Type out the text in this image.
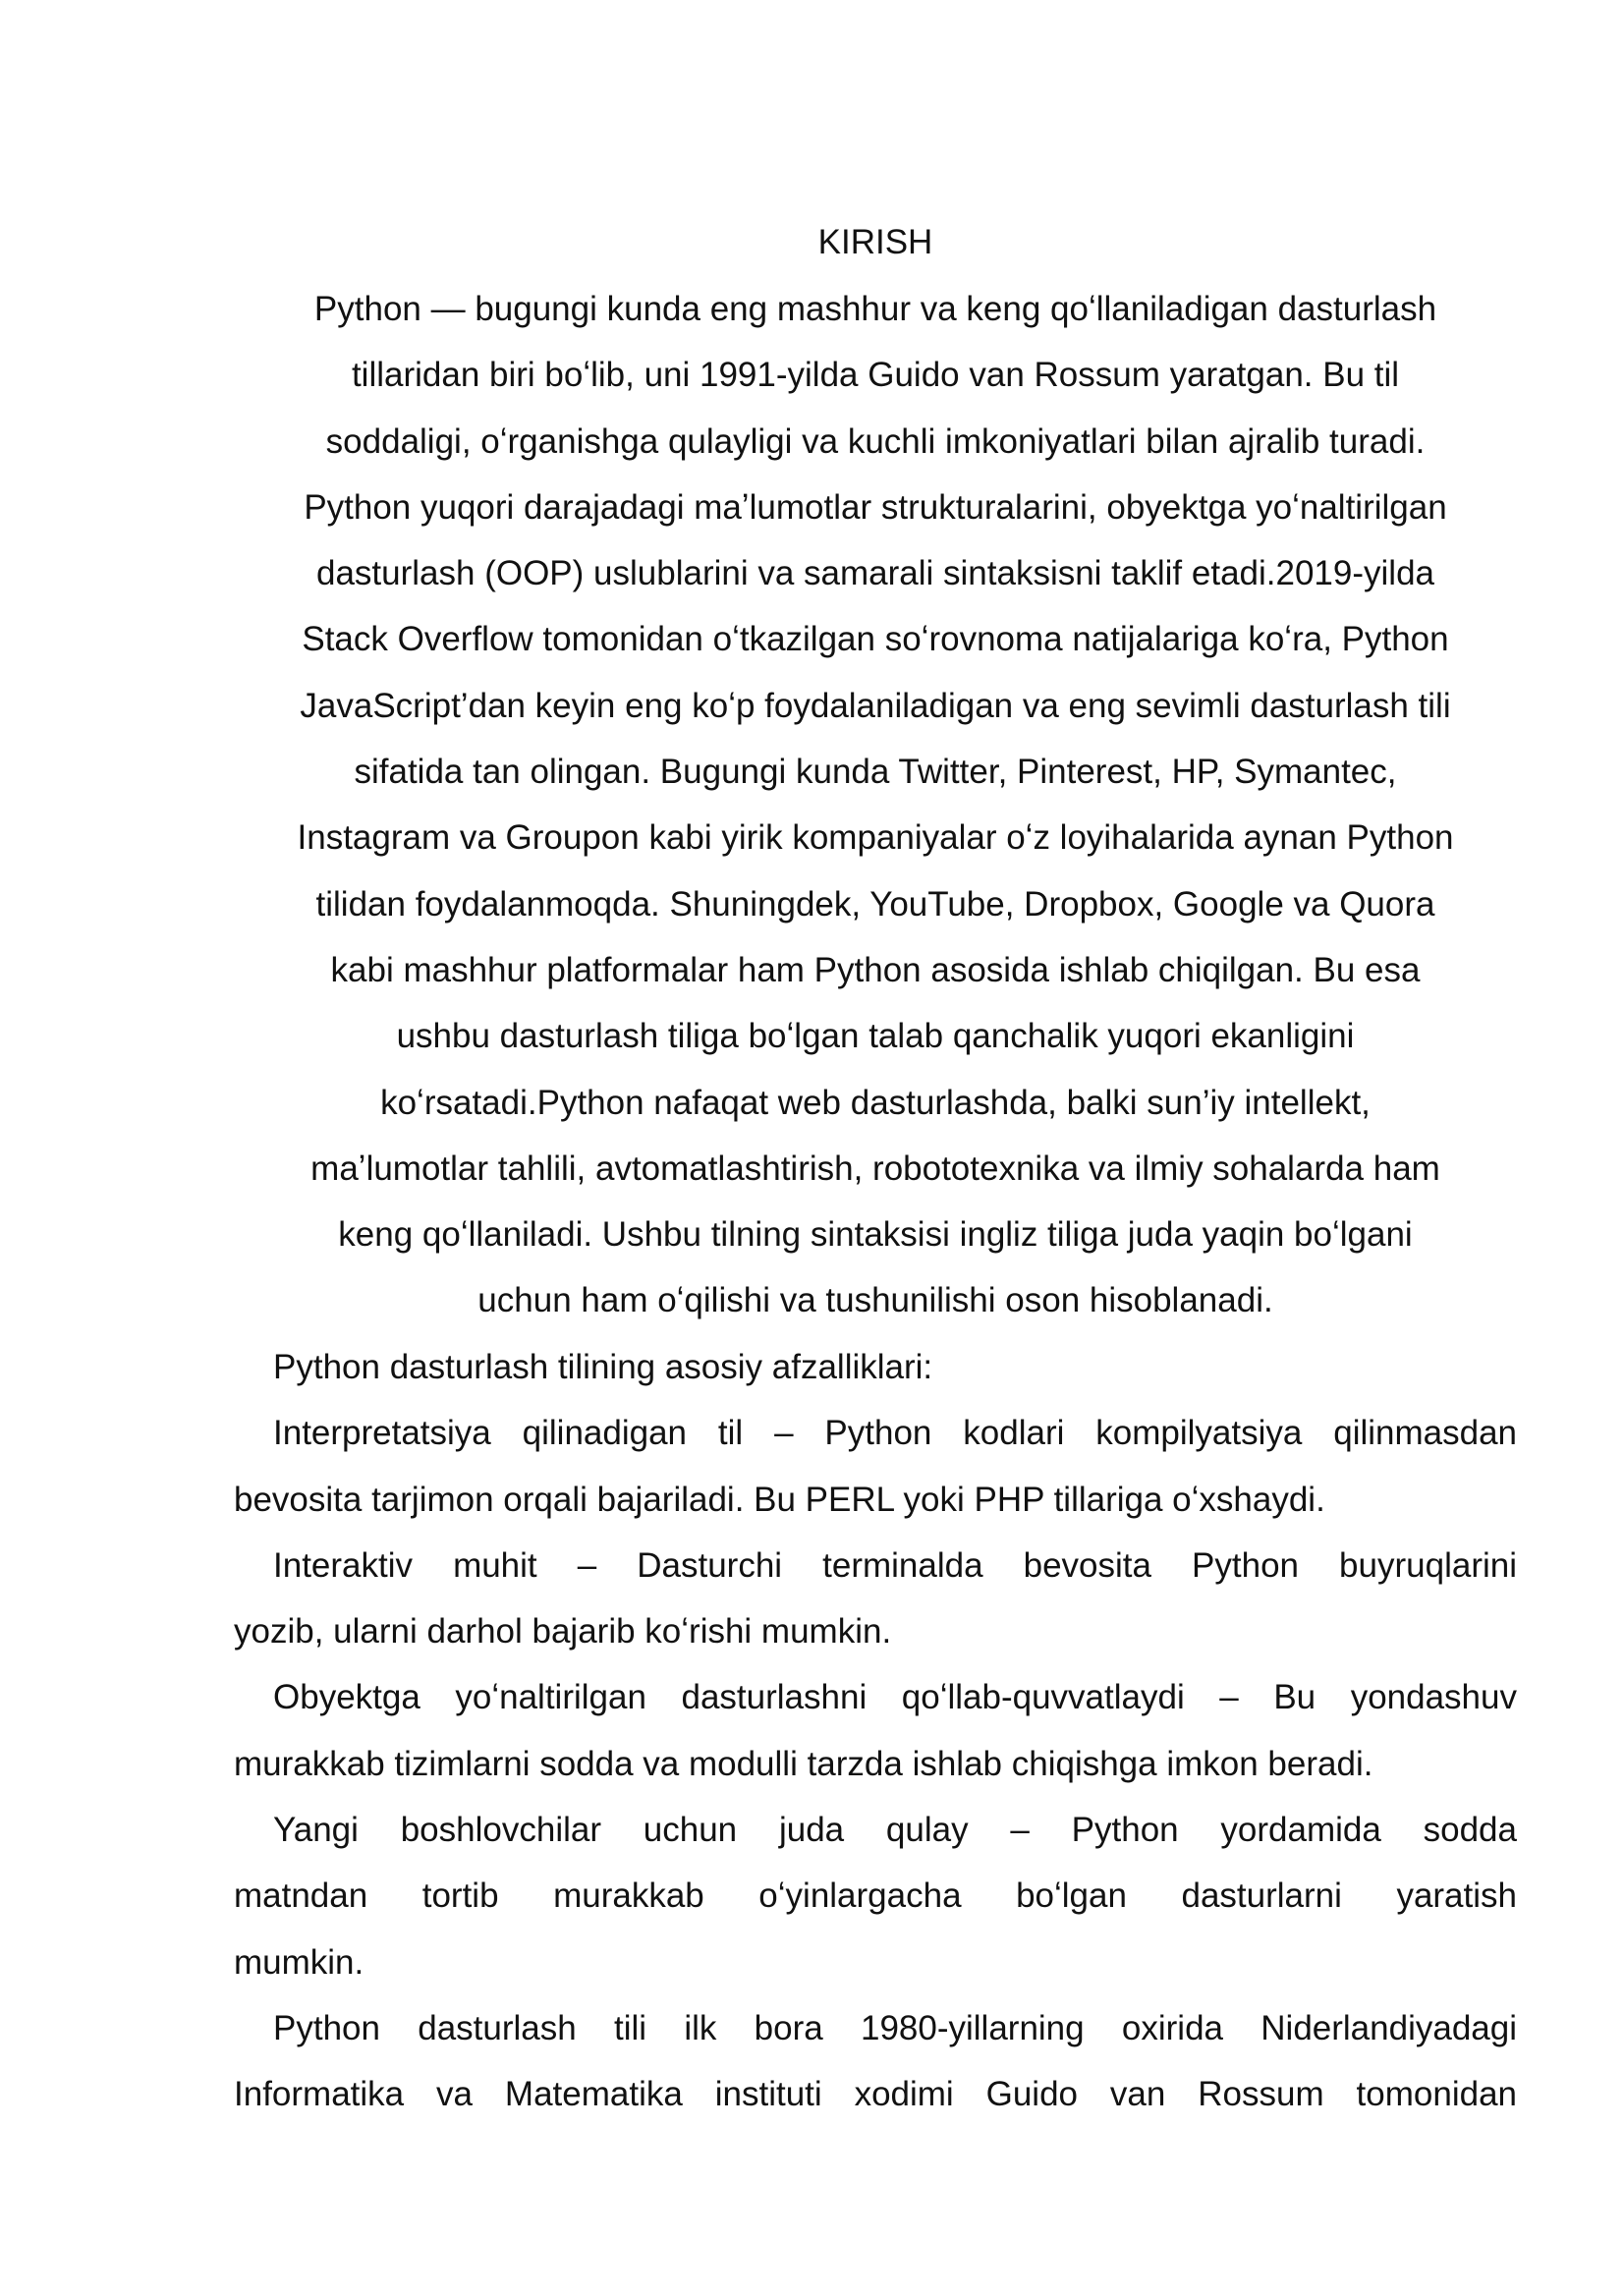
KIRISH
Python — bugungi kunda eng mashhur va keng qoʻllaniladigan dasturlash
tillaridan biri boʻlib, uni 1991-yilda Guido van Rossum yaratgan. Bu til
soddaligi, oʻrganishga qulayligi va kuchli imkoniyatlari bilan ajralib turadi.
Python yuqori darajadagi maʼlumotlar strukturalarini, obyektga yoʻnaltirilgan
dasturlash (OOP) uslublarini va samarali sintaksisni taklif etadi.2019-yilda
Stack Overflow tomonidan oʻtkazilgan soʻrovnoma natijalariga koʻra, Python
JavaScript’dan keyin eng koʻp foydalaniladigan va eng sevimli dasturlash tili
sifatida tan olingan. Bugungi kunda Twitter, Pinterest, HP, Symantec,
Instagram va Groupon kabi yirik kompaniyalar oʻz loyihalarida aynan Python
tilidan foydalanmoqda. Shuningdek, YouTube, Dropbox, Google va Quora
kabi mashhur platformalar ham Python asosida ishlab chiqilgan. Bu esa
ushbu dasturlash tiliga boʻlgan talab qanchalik yuqori ekanligini
koʻrsatadi.Python nafaqat web dasturlashda, balki sun’iy intellekt,
maʼlumotlar tahlili, avtomatlashtirish, robototexnika va ilmiy sohalarda ham
keng qoʻllaniladi. Ushbu tilning sintaksisi ingliz tiliga juda yaqin boʻlgani
uchun ham oʻqilishi va tushunilishi oson hisoblanadi.
Python dasturlash tilining asosiy afzalliklari:
Interpretatsiya qilinadigan til – Python kodlari kompilyatsiya qilinmasdan
bevosita tarjimon orqali bajariladi. Bu PERL yoki PHP tillariga oʻxshaydi.
Interaktiv muhit – Dasturchi terminalda bevosita Python buyruqlarini
yozib, ularni darhol bajarib koʻrishi mumkin.
Obyektga yoʻnaltirilgan dasturlashni qoʻllab-quvvatlaydi – Bu yondashuv
murakkab tizimlarni sodda va modulli tarzda ishlab chiqishga imkon beradi.
Yangi boshlovchilar uchun juda qulay – Python yordamida sodda
matndan tortib murakkab oʻyinlargacha boʻlgan dasturlarni yaratish
mumkin.
Python dasturlash tili ilk bora 1980-yillarning oxirida Niderlandiyadagi
Informatika va Matematika instituti xodimi Guido van Rossum tomonidan
